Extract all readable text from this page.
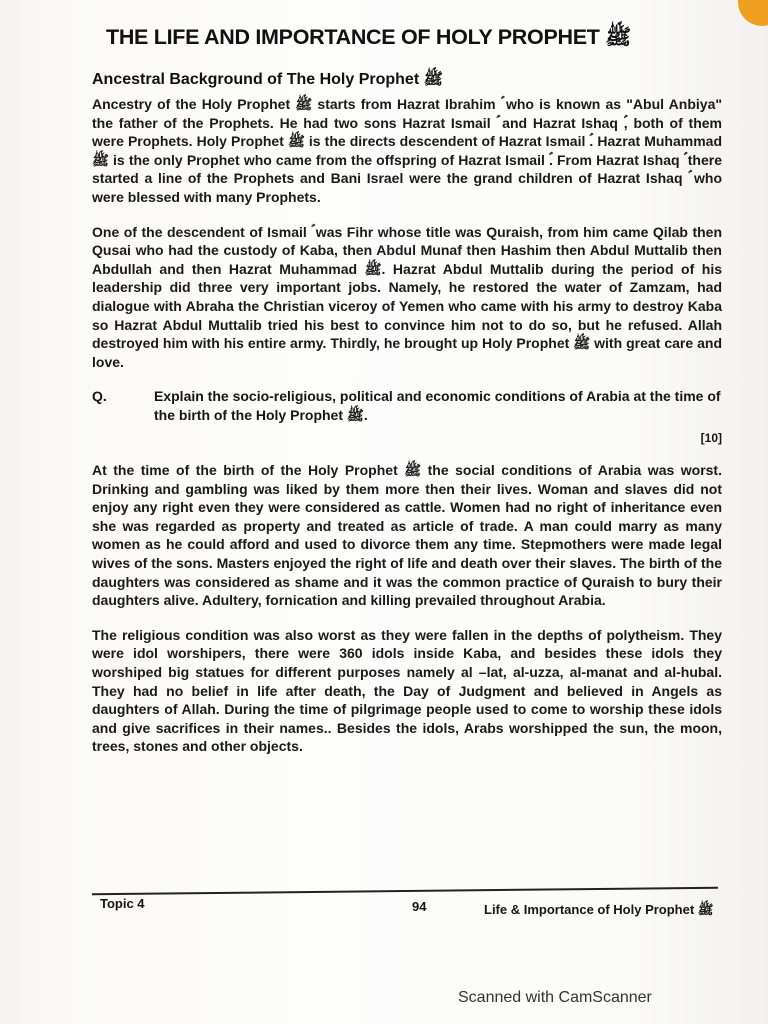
THE LIFE AND IMPORTANCE OF HOLY PROPHET ﷺ
Ancestral Background of The Holy Prophet ﷺ

Ancestry of the Holy Prophet ﷺ starts from Hazrat Ibrahim ؑ who is known as "Abul Anbiya" the father of the Prophets. He had two sons Hazrat Ismail ؑ and Hazrat Ishaq ؑ, both of them were Prophets. Holy Prophet ﷺ is the directs descendent of Hazrat Ismail ؑ. Hazrat Muhammad ﷺ is the only Prophet who came from the offspring of Hazrat Ismail ؑ. From Hazrat Ishaq ؑ there started a line of the Prophets and Bani Israel were the grand children of Hazrat Ishaq ؑ who were blessed with many Prophets.

One of the descendent of Ismail ؑ was Fihr whose title was Quraish, from him came Qilab then Qusai who had the custody of Kaba, then Abdul Munaf then Hashim then Abdul Muttalib then Abdullah and then Hazrat Muhammad ﷺ. Hazrat Abdul Muttalib during the period of his leadership did three very important jobs. Namely, he restored the water of Zamzam, had dialogue with Abraha the Christian viceroy of Yemen who came with his army to destroy Kaba so Hazrat Abdul Muttalib tried his best to convince him not to do so, but he refused. Allah destroyed him with his entire army. Thirdly, he brought up Holy Prophet ﷺ with great care and love.

Q.	Explain the socio-religious, political and economic conditions of Arabia at the time of the birth of the Holy Prophet ﷺ.
[10]

At the time of the birth of the Holy Prophet ﷺ the social conditions of Arabia was worst. Drinking and gambling was liked by them more then their lives. Woman and slaves did not enjoy any right even they were considered as cattle. Women had no right of inheritance even she was regarded as property and treated as article of trade. A man could marry as many women as he could afford and used to divorce them any time. Stepmothers were made legal wives of the sons. Masters enjoyed the right of life and death over their slaves. The birth of the daughters was considered as shame and it was the common practice of Quraish to bury their daughters alive. Adultery, fornication and killing prevailed throughout Arabia.

The religious condition was also worst as they were fallen in the depths of polytheism. They were idol worshipers, there were 360 idols inside Kaba, and besides these idols they worshiped big statues for different purposes namely al –lat, al-uzza, al-manat and al-hubal. They had no belief in life after death, the Day of Judgment and believed in Angels as daughters of Allah. During the time of pilgrimage people used to come to worship these idols and give sacrifices in their names.. Besides the idols, Arabs worshipped the sun, the moon, trees, stones and other objects.

Topic 4	94	Life & Importance of Holy Prophet ﷺ
Scanned with CamScanner
